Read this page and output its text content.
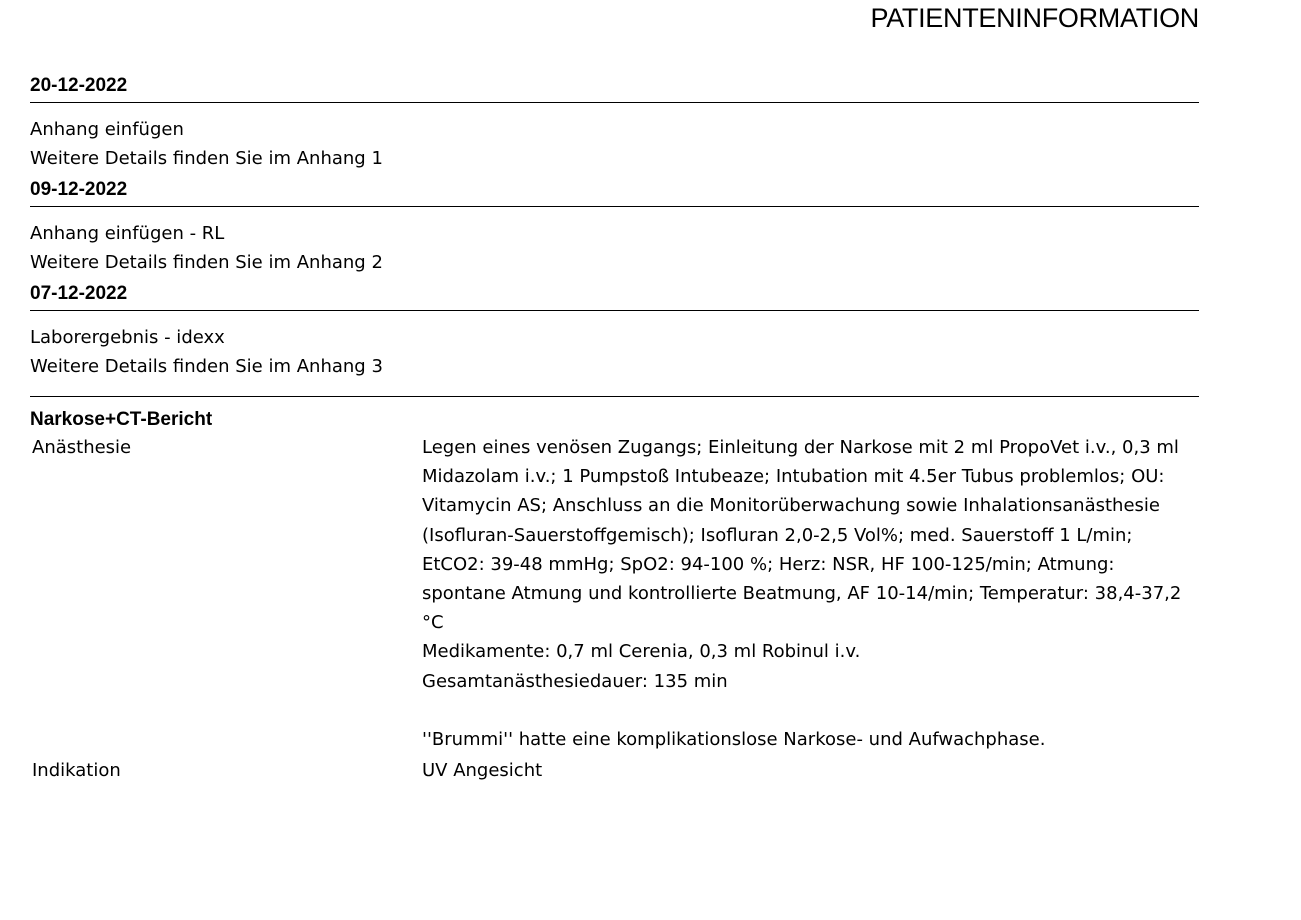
PATIENTENINFORMATION
20-12-2022
Anhang einfügen
Weitere Details finden Sie im Anhang 1
09-12-2022
Anhang einfügen - RL
Weitere Details finden Sie im Anhang 2
07-12-2022
Laborergebnis - idexx
Weitere Details finden Sie im Anhang 3
Narkose+CT-Bericht
Anästhesie	Legen eines venösen Zugangs; Einleitung der Narkose mit 2 ml PropoVet i.v., 0,3 ml Midazolam i.v.; 1 Pumpstoß Intubeaze; Intubation mit 4.5er Tubus problemlos; OU: Vitamycin AS; Anschluss an die Monitorüberwachung sowie Inhalationsanästhesie (Isofluran-Sauerstoffgemisch); Isofluran 2,0-2,5 Vol%; med. Sauerstoff 1 L/min; EtCO2: 39-48 mmHg; SpO2: 94-100 %; Herz: NSR, HF 100-125/min; Atmung: spontane Atmung und kontrollierte Beatmung, AF 10-14/min; Temperatur: 38,4-37,2 °C
Medikamente: 0,7 ml Cerenia, 0,3 ml Robinul i.v.
Gesamtanästhesiedauer: 135 min
''Brummi'' hatte eine komplikationslose Narkose- und Aufwachphase.
Indikation	UV Angesicht
